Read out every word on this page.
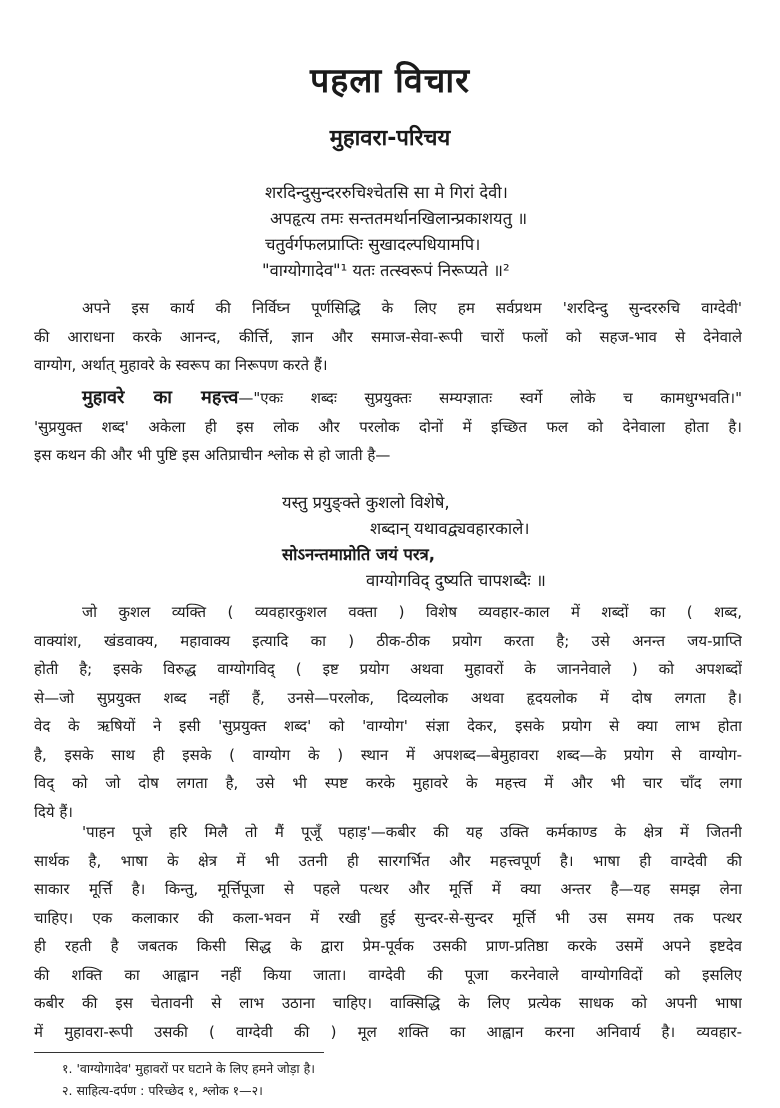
पहला विचार
मुहावरा-परिचय
शरदिन्दुसुन्दररुचिश्चेतसि सा मे गिरां देवी।
अपहृत्य तमः सन्ततमर्थानखिलान्प्रकाशयतु ॥
चतुर्वर्गफलप्राप्तिः सुखादल्पधियामपि।
"वाग्योगादेव"¹ यतः तत्स्वरूपं निरूप्यते ॥²
अपने इस कार्य की निर्विघ्न पूर्णसिद्धि के लिए हम सर्वप्रथम 'शरदिन्दु सुन्दररुचि वाग्देवी'
की आराधना करके आनन्द, कीर्त्ति, ज्ञान और समाज-सेवा-रूपी चारों फलों को सहज-भाव से देनेवाले
वाग्योग, अर्थात् मुहावरे के स्वरूप का निरूपण करते हैं।
मुहावरे का महत्त्व—"एकः शब्दः सुप्रयुक्तः सम्यग्ज्ञातः स्वर्गे लोके च कामधुग्भवति।"
'सुप्रयुक्त शब्द' अकेला ही इस लोक और परलोक दोनों में इच्छित फल को देनेवाला होता है।
इस कथन की और भी पुष्टि इस अतिप्राचीन श्लोक से हो जाती है—
यस्तु प्रयुङ्क्ते कुशलो विशेषे,
शब्दान् यथावद्व्यवहारकाले।
सोऽनन्तमाप्नोति जयं परत्र,
वाग्योगविद् दुष्यति चापशब्दैः ॥
जो कुशल व्यक्ति ( व्यवहारकुशल वक्ता ) विशेष व्यवहार-काल में शब्दों का ( शब्द,
वाक्यांश, खंडवाक्य, महावाक्य इत्यादि का ) ठीक-ठीक प्रयोग करता है; उसे अनन्त जय-प्राप्ति
होती है; इसके विरुद्ध वाग्योगविद् ( इष्ट प्रयोग अथवा मुहावरों के जाननेवाले ) को अपशब्दों
से—जो सुप्रयुक्त शब्द नहीं हैं, उनसे—परलोक, दिव्यलोक अथवा हृदयलोक में दोष लगता है।
वेद के ऋषियों ने इसी 'सुप्रयुक्त शब्द' को 'वाग्योग' संज्ञा देकर, इसके प्रयोग से क्या लाभ होता
है, इसके साथ ही इसके ( वाग्योग के ) स्थान में अपशब्द—बेमुहावरा शब्द—के प्रयोग से वाग्योग-
विद् को जो दोष लगता है, उसे भी स्पष्ट करके मुहावरे के महत्त्व में और भी चार चाँद लगा
दिये हैं।
'पाहन पूजे हरि मिलै तो मैं पूजूँ पहाड़'—कबीर की यह उक्ति कर्मकाण्ड के क्षेत्र में जितनी
सार्थक है, भाषा के क्षेत्र में भी उतनी ही सारगर्भित और महत्त्वपूर्ण है। भाषा ही वाग्देवी की
साकार मूर्त्ति है। किन्तु, मूर्त्तिपूजा से पहले पत्थर और मूर्त्ति में क्या अन्तर है—यह समझ लेना
चाहिए। एक कलाकार की कला-भवन में रखी हुई सुन्दर-से-सुन्दर मूर्त्ति भी उस समय तक पत्थर
ही रहती है जबतक किसी सिद्ध के द्वारा प्रेम-पूर्वक उसकी प्राण-प्रतिष्ठा करके उसमें अपने इष्टदेव
की शक्ति का आह्वान नहीं किया जाता। वाग्देवी की पूजा करनेवाले वाग्योगविदों को इसलिए
कबीर की इस चेतावनी से लाभ उठाना चाहिए। वाक्सिद्धि के लिए प्रत्येक साधक को अपनी भाषा
में मुहावरा-रूपी उसकी ( वाग्देवी की ) मूल शक्ति का आह्वान करना अनिवार्य है। व्यवहार-
१. 'वाग्योगादेव' मुहावरों पर घटाने के लिए हमने जोड़ा है।
२. साहित्य-दर्पण : परिच्छेद १, श्लोक १—२।
